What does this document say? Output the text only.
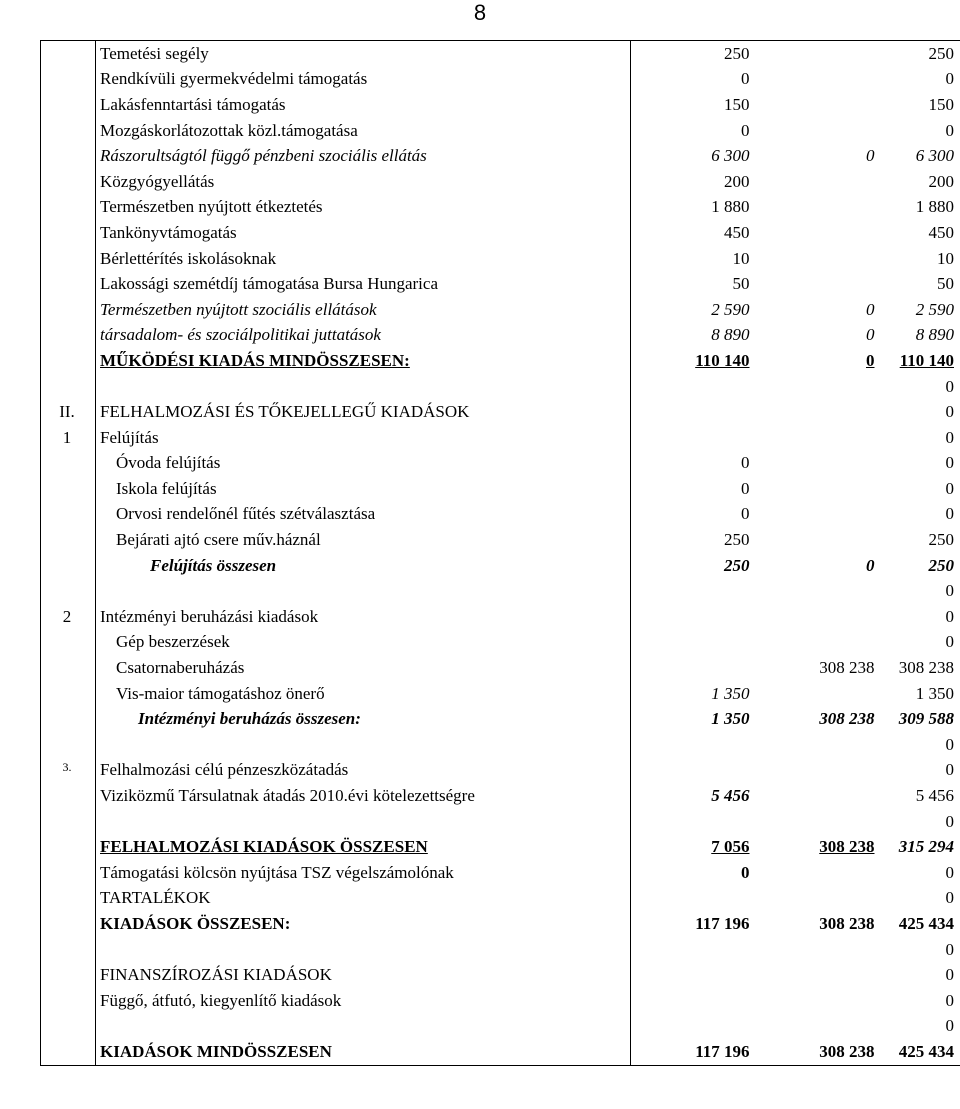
8
	Temetési segély	250		250
	Rendkívüli gyermekvédelmi támogatás	0		0
	Lakásfenntartási támogatás	150		150
	Mozgáskorlátozottak közl.támogatása	0		0
	Rászorultságtól függő pénzbeni szociális ellátás	6 300	0	6 300
	Közgyógyellátás	200		200
	Természetben nyújtott étkeztetés	1 880		1 880
	Tankönyvtámogatás	450		450
	Bérlettérítés iskolásoknak	10		10
	Lakossági szemétdíj támogatása Bursa Hungarica	50		50
	Természetben nyújtott szociális ellátások	2 590	0	2 590
	társadalom- és szociálpolitikai juttatások	8 890	0	8 890
	MŰKÖDÉSI KIADÁS MINDÖSSZESEN:	110 140	0	110 140
				0
II.	FELHALMOZÁSI ÉS TŐKEJELLEGŰ KIADÁSOK			0
1	Felújítás			0
	Óvoda felújítás	0		0
	Iskola felújítás	0		0
	Orvosi rendelőnél fűtés szétválasztása	0		0
	Bejárati ajtó csere műv.háznál	250		250
	Felújítás összesen	250	0	250
				0
2	Intézményi beruházási kiadások			0
	Gép beszerzések			0
	Csatornaberuházás		308 238	308 238
	Vis-maior támogatáshoz önerő	1 350		1 350
	Intézményi beruházás összesen:	1 350	308 238	309 588
				0
$^{3.}$	Felhalmozási célú pénzeszközátadás			0
	Viziközmű Társulatnak átadás 2010.évi kötelezettségre	5 456		5 456
				0
	FELHALMOZÁSI KIADÁSOK ÖSSZESEN	7 056	308 238	315 294
	Támogatási kölcsön nyújtása TSZ végelszámolónak	0		0
	TARTALÉKOK			0
	KIADÁSOK ÖSSZESEN:	117 196	308 238	425 434
				0
	FINANSZÍROZÁSI KIADÁSOK			0
	Függő, átfutó, kiegyenlítő kiadások			0
				0
	KIADÁSOK MINDÖSSZESEN	117 196	308 238	425 434
